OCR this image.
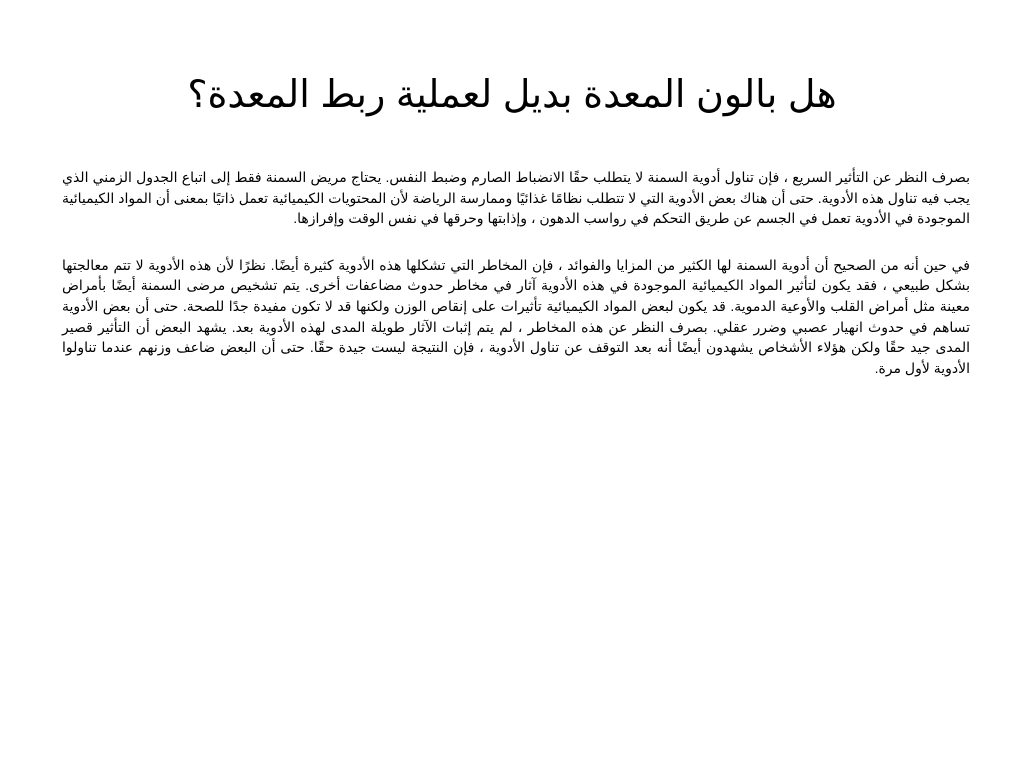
هل بالون المعدة بديل لعملية ربط المعدة؟

بصرف النظر عن التأثير السريع ، فإن تناول أدوية السمنة لا يتطلب حقًا الانضباط الصارم وضبط النفس. يحتاج مريض السمنة فقط إلى اتباع الجدول الزمني الذي يجب فيه تناول هذه الأدوية. حتى أن هناك بعض الأدوية التي لا تتطلب نظامًا غذائيًا وممارسة الرياضة لأن المحتويات الكيميائية تعمل ذاتيًا بمعنى أن المواد الكيميائية الموجودة في الأدوية تعمل في الجسم عن طريق التحكم في رواسب الدهون ، وإذابتها وحرقها في نفس الوقت وإفرازها.

في حين أنه من الصحيح أن أدوية السمنة لها الكثير من المزايا والفوائد ، فإن المخاطر التي تشكلها هذه الأدوية كثيرة أيضًا. نظرًا لأن هذه الأدوية لا تتم معالجتها بشكل طبيعي ، فقد يكون لتأثير المواد الكيميائية الموجودة في هذه الأدوية آثار في مخاطر حدوث مضاعفات أخرى. يتم تشخيص مرضى السمنة أيضًا بأمراض معينة مثل أمراض القلب والأوعية الدموية. قد يكون لبعض المواد الكيميائية تأثيرات على إنقاص الوزن ولكنها قد لا تكون مفيدة جدًا للصحة. حتى أن بعض الأدوية تساهم في حدوث انهيار عصبي وضرر عقلي. بصرف النظر عن هذه المخاطر ، لم يتم إثبات الآثار طويلة المدى لهذه الأدوية بعد. يشهد البعض أن التأثير قصير المدى جيد حقًا ولكن هؤلاء الأشخاص يشهدون أيضًا أنه بعد التوقف عن تناول الأدوية ، فإن النتيجة ليست جيدة حقًا. حتى أن البعض ضاعف وزنهم عندما تناولوا الأدوية لأول مرة.
